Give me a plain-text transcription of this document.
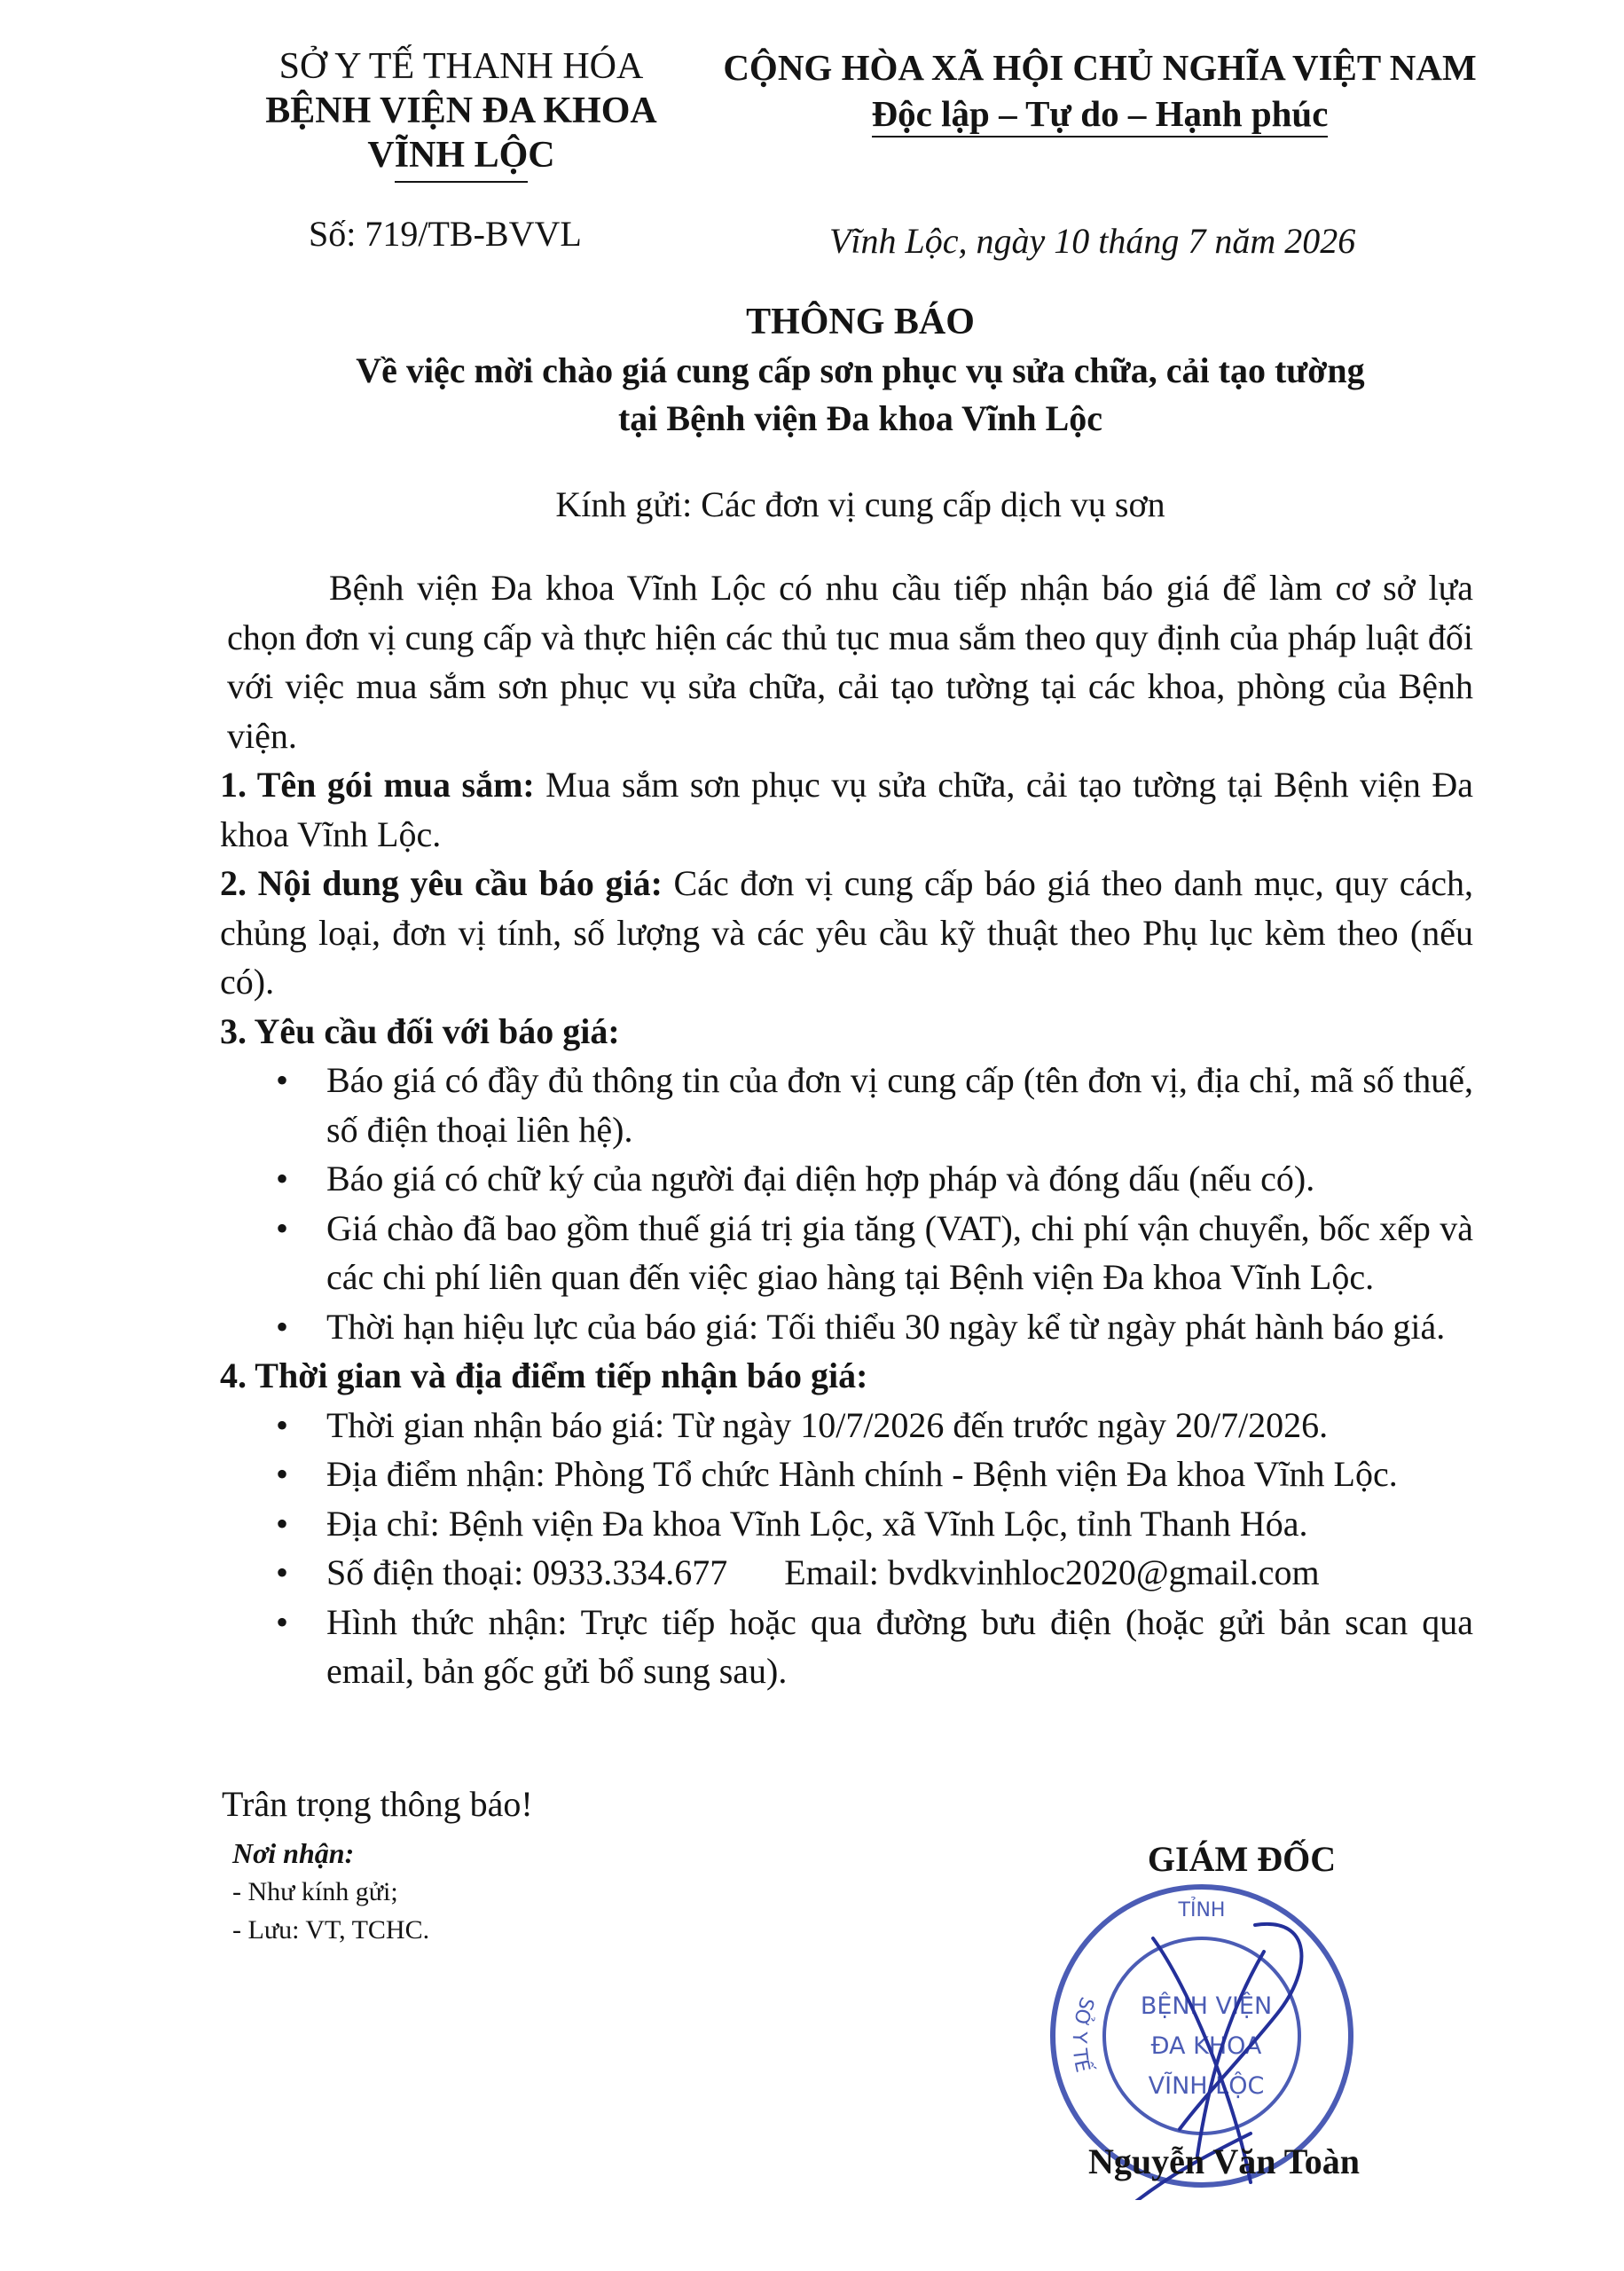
SỞ Y TẾ THANH HÓA
BỆNH VIỆN ĐA KHOA
VĨNH LỘC
CỘNG HÒA XÃ HỘI CHỦ NGHĨA VIỆT NAM
Độc lập – Tự do – Hạnh phúc
Số: 719/TB-BVVL	Vĩnh Lộc, ngày 10 tháng 7 năm 2026
THÔNG BÁO
Về việc mời chào giá cung cấp sơn phục vụ sửa chữa, cải tạo tường
tại Bệnh viện Đa khoa Vĩnh Lộc
Kính gửi: Các đơn vị cung cấp dịch vụ sơn

Bệnh viện Đa khoa Vĩnh Lộc có nhu cầu tiếp nhận báo giá để làm cơ sở lựa chọn đơn vị cung cấp và thực hiện các thủ tục mua sắm theo quy định của pháp luật đối với việc mua sắm sơn phục vụ sửa chữa, cải tạo tường tại các khoa, phòng của Bệnh viện.

1. Tên gói mua sắm: Mua sắm sơn phục vụ sửa chữa, cải tạo tường tại Bệnh viện Đa khoa Vĩnh Lộc.

2. Nội dung yêu cầu báo giá: Các đơn vị cung cấp báo giá theo danh mục, quy cách, chủng loại, đơn vị tính, số lượng và các yêu cầu kỹ thuật theo Phụ lục kèm theo (nếu có).

3. Yêu cầu đối với báo giá:

• Báo giá có đầy đủ thông tin của đơn vị cung cấp (tên đơn vị, địa chỉ, mã số thuế, số điện thoại liên hệ).
• Báo giá có chữ ký của người đại diện hợp pháp và đóng dấu (nếu có).
• Giá chào đã bao gồm thuế giá trị gia tăng (VAT), chi phí vận chuyển, bốc xếp và các chi phí liên quan đến việc giao hàng tại Bệnh viện Đa khoa Vĩnh Lộc.
• Thời hạn hiệu lực của báo giá: Tối thiểu 30 ngày kể từ ngày phát hành báo giá.

4. Thời gian và địa điểm tiếp nhận báo giá:

• Thời gian nhận báo giá: Từ ngày 10/7/2026 đến trước ngày 20/7/2026.
• Địa điểm nhận: Phòng Tổ chức Hành chính - Bệnh viện Đa khoa Vĩnh Lộc.
• Địa chỉ: Bệnh viện Đa khoa Vĩnh Lộc, xã Vĩnh Lộc, tỉnh Thanh Hóa.
• Số điện thoại: 0933.334.677 Email: bvdkvinhloc2020@gmail.com
• Hình thức nhận: Trực tiếp hoặc qua đường bưu điện (hoặc gửi bản scan qua email, bản gốc gửi bổ sung sau).
Trân trọng thông báo!
Nơi nhận:
- Như kính gửi;
- Lưu: VT, TCHC.
GIÁM ĐỐC
TỈNH
SỞ Y TẾ
BỆNH VIỆN
ĐA KHOA
VĨNH LỘC
Nguyễn Văn Toàn
